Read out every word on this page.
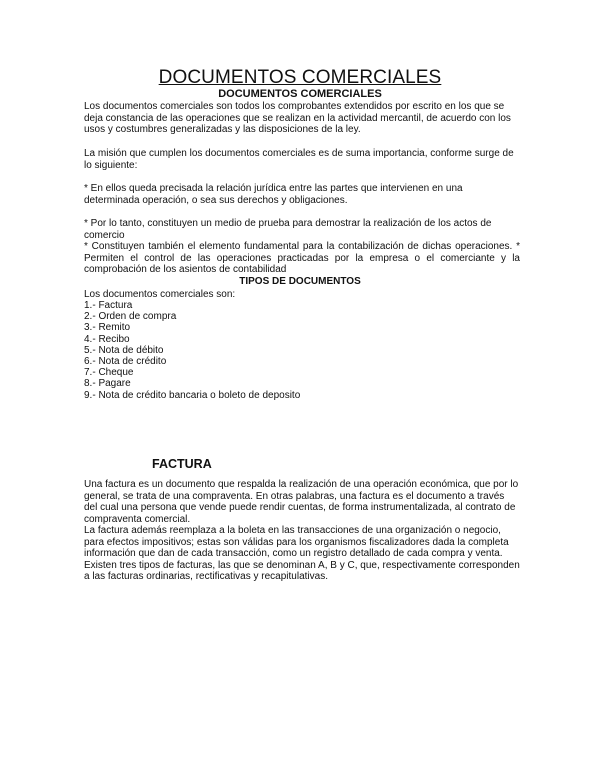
DOCUMENTOS COMERCIALES
DOCUMENTOS COMERCIALES

Los documentos comerciales son todos los comprobantes extendidos por escrito en los que se deja constancia de las operaciones que se realizan en la actividad mercantil, de acuerdo con los usos y costumbres generalizadas y las disposiciones de la ley.

La misión que cumplen los documentos comerciales es de suma importancia, conforme surge de lo siguiente:

* En ellos queda precisada la relación jurídica entre las partes que intervienen en una determinada operación, o sea sus derechos y obligaciones.

* Por lo tanto, constituyen un medio de prueba para demostrar la realización de los actos de comercio

* Constituyen también el elemento fundamental para la contabilización de dichas operaciones. * Permiten el control de las operaciones practicadas por la empresa o el comerciante y la comprobación de los asientos de contabilidad

TIPOS DE DOCUMENTOS

Los documentos comerciales son:

1.- Factura
2.- Orden de compra
3.- Remito
4.- Recibo
5.- Nota de débito
6.- Nota de crédito
7.- Cheque
8.- Pagare
9.- Nota de crédito bancaria o boleto de deposito
FACTURA

Una factura es un documento que respalda la realización de una operación económica, que por lo general, se trata de una compraventa. En otras palabras, una factura es el documento a través del cual una persona que vende puede rendir cuentas, de forma instrumentalizada, al contrato de compraventa comercial.

La factura además reemplaza a la boleta en las transacciones de una organización o negocio, para efectos impositivos; estas son válidas para los organismos fiscalizadores dada la completa información que dan de cada transacción, como un registro detallado de cada compra y venta.

Existen tres tipos de facturas, las que se denominan A, B y C, que, respectivamente corresponden a las facturas ordinarias, rectificativas y recapitulativas.
